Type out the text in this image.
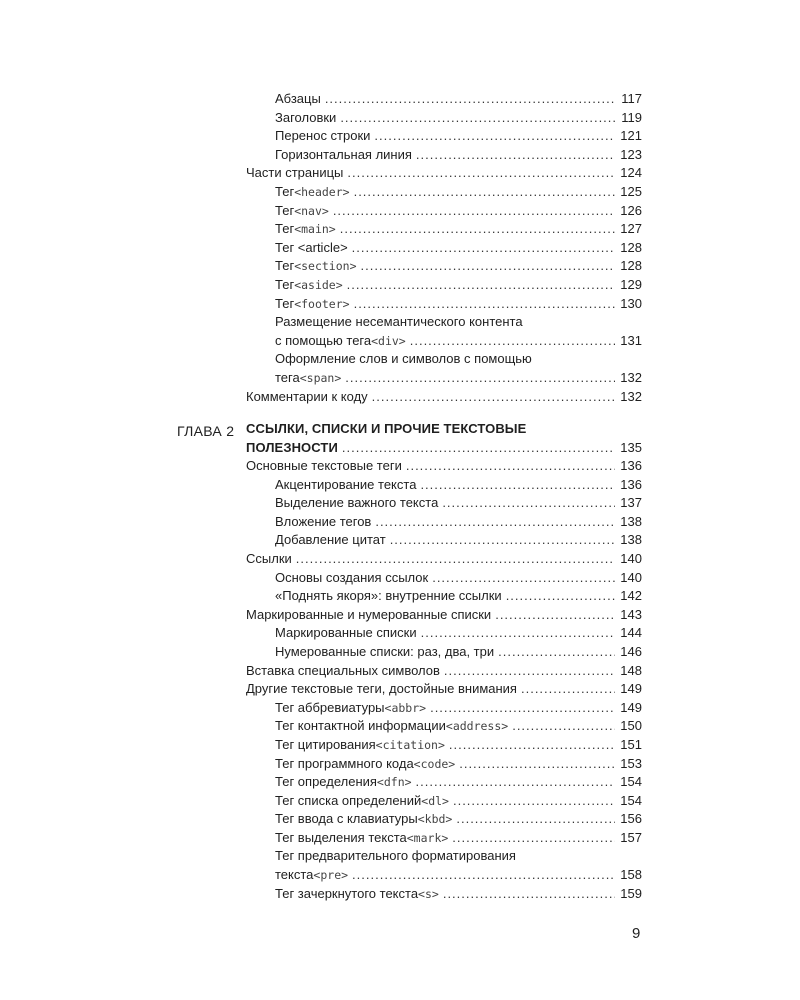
Абзацы .....	117
Заголовки .....	119
Перенос строки .....	121
Горизонтальная линия .....	123
Части страницы .....	124
Тег <header> .....	125
Тег <nav> .....	126
Тег <main> .....	127
Тег <article> .....	128
Тег <section> .....	128
Тег <aside> .....	129
Тег <footer> .....	130
Размещение несемантического контента
с помощью тега <div> .....	131
Оформление слов и символов с помощью
тега <span> .....	132
Комментарии к коду .....	132
ГЛАВА 2 ССЫЛКИ, СПИСКИ И ПРОЧИЕ ТЕКСТОВЫЕ
ПОЛЕЗНОСТИ .....	135
Основные текстовые теги .....	136
Акцентирование текста .....	136
Выделение важного текста .....	137
Вложение тегов .....	138
Добавление цитат .....	138
Ссылки .....	140
Основы создания ссылок .....	140
«Поднять якоря»: внутренние ссылки .....	142
Маркированные и нумерованные списки .....	143
Маркированные списки .....	144
Нумерованные списки: раз, два, три .....	146
Вставка специальных символов .....	148
Другие текстовые теги, достойные внимания .....	149
Тег аббревиатуры <abbr> .....	149
Тег контактной информации <address> .....	150
Тег цитирования <citation> .....	151
Тег программного кода <code> .....	153
Тег определения <dfn> .....	154
Тег списка определений <dl> .....	154
Тег ввода с клавиатуры <kbd> .....	156
Тег выделения текста <mark> .....	157
Тег предварительного форматирования
текста <pre> .....	158
Тег зачеркнутого текста <s> .....	159
9
